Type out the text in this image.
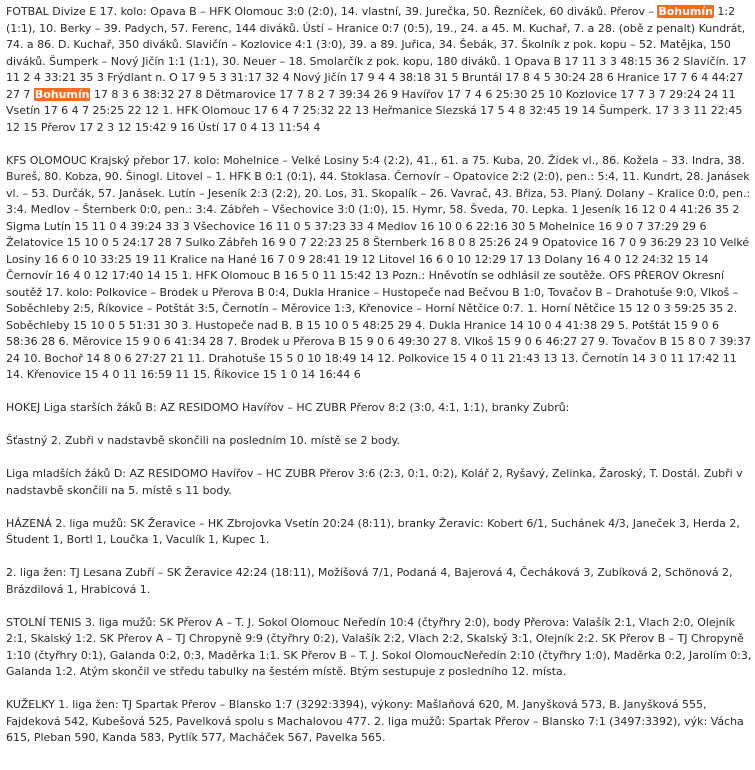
FOTBAL Divize E 17. kolo: Opava B – HFK Olomouc 3:0 (2:0), 14. vlastní, 39. Jurečka, 50. Řezníček, 60 diváků. Přerov – Bohumín 1:2 (1:1), 10. Berky – 39. Padych, 57. Ferenc, 144 diváků. Ústí – Hranice 0:7 (0:5), 19., 24. a 45. M. Kuchař, 7. a 28. (obě z penalt) Kundrát, 74. a 86. D. Kuchař, 350 diváků. Slavičín – Kozlovice 4:1 (3:0), 39. a 89. Juřica, 34. Šebák, 37. Školník z pok. kopu – 52. Matějka, 150 diváků. Šumperk – Nový Jičín 1:1 (1:1), 30. Neuer – 18. Smolarčík z pok. kopu, 180 diváků. 1 Opava B 17 11 3 3 48:15 36 2 Slavičín. 17 11 2 4 33:21 35 3 Frýdlant n. O 17 9 5 3 31:17 32 4 Nový Jičín 17 9 4 4 38:18 31 5 Bruntál 17 8 4 5 30:24 28 6 Hranice 17 7 6 4 44:27 27 7 Bohumín 17 8 3 6 38:32 27 8 Dětmarovice 17 7 8 2 7 39:34 26 9 Havířov 17 7 4 6 25:30 25 10 Kozlovice 17 7 3 7 29:24 24 11 Vsetín 17 6 4 7 25:25 22 12 1. HFK Olomouc 17 6 4 7 25:32 22 13 Heřmanice Slezská 17 5 4 8 32:45 19 14 Šumperk. 17 3 3 11 22:45 12 15 Přerov 17 2 3 12 15:42 9 16 Ústí 17 0 4 13 11:54 4

KFS OLOMOUC Krajský přebor 17. kolo: Mohelnice – Velké Losiny 5:4 (2:2), 41., 61. a 75. Kuba, 20. Žídek vl., 86. Koželа – 33. Indra, 38. Bureš, 80. Kobza, 90. Šinogl. Litovel – 1. HFK B 0:1 (0:1), 44. Stoklasa. Černovír – Opatovice 2:2 (2:0), pen.: 5:4, 11. Kundrt, 28. Janásek vl. – 53. Durčák, 57. Janásek. Lutín – Jeseník 2:3 (2:2), 20. Los, 31. Skopalík – 26. Vavrač, 43. Břiza, 53. Planý. Dolany – Kralice 0:0, pen.: 3:4. Medlov – Šternberk 0:0, pen.: 3:4. Zábřeh – Všechovice 3:0 (1:0), 15. Hymr, 58. Šveda, 70. Lepka. 1 Jeseník 16 12 0 4 41:26 35 2 Sigma Lutín 15 11 0 4 39:24 33 3 Všechovice 16 11 0 5 37:23 33 4 Medlov 16 10 0 6 22:16 30 5 Mohelnice 16 9 0 7 37:29 29 6 Želatovice 15 10 0 5 24:17 28 7 Sulko Zábřeh 16 9 0 7 22:23 25 8 Šternberk 16 8 0 8 25:26 24 9 Opatovice 16 7 0 9 36:29 23 10 Velké Losiny 16 6 0 10 33:25 19 11 Kralice na Hané 16 7 0 9 28:41 19 12 Litovel 16 6 0 10 12:29 17 13 Dolany 16 4 0 12 24:32 15 14 Černovír 16 4 0 12 17:40 14 15 1. HFK Olomouc B 16 5 0 11 15:42 13 Pozn.: Hněvotín se odhlásil ze soutěže. OFS PŘEROV Okresní soutěž 17. kolo: Polkovice – Brodek u Přerova B 0:4, Dukla Hranice – Hustopeče nad Bečvou B 1:0, Tovačov B – Drahotuše 9:0, Vlkoš – Soběchleby 2:5, Říkovice – Potštát 3:5, Černotín – Měrovice 1:3, Křenovice – Horní Nětčice 0:7. 1. Horní Nětčice 15 12 0 3 59:25 35 2. Soběchleby 15 10 0 5 51:31 30 3. Hustopeče nad B. B 15 10 0 5 48:25 29 4. Dukla Hranice 14 10 0 4 41:38 29 5. Potštát 15 9 0 6 58:36 28 6. Měrovice 15 9 0 6 41:34 28 7. Brodek u Přerova B 15 9 0 6 49:30 27 8. Vlkoš 15 9 0 6 46:27 27 9. Tovačov B 15 8 0 7 39:37 24 10. Bochoř 14 8 0 6 27:27 21 11. Drahotuše 15 5 0 10 18:49 14 12. Polkovice 15 4 0 11 21:43 13 13. Černotín 14 3 0 11 17:42 11 14. Křenovice 15 4 0 11 16:59 11 15. Říkovice 15 1 0 14 16:44 6

HOKEJ Liga starších žáků B: AZ RESIDOMO Havířov – HC ZUBR Přerov 8:2 (3:0, 4:1, 1:1), branky Zubrů:

Šťastný 2. Zubři v nadstavbě skončili na posledním 10. místě se 2 body.

Liga mladších žáků D: AZ RESIDOMO Havířov – HC ZUBR Přerov 3:6 (2:3, 0:1, 0:2), Kolář 2, Ryšavý, Zelinka, Žaroský, T. Dostál. Zubři v nadstavbě skončili na 5. místě s 11 body.

HÁZENÁ 2. liga mužů: SK Žeravice – HK Zbrojovka Vsetín 20:24 (8:11), branky Žeravic: Kobert 6/1, Suchánek 4/3, Janeček 3, Herda 2, Študent 1, Bortl 1, Loučka 1, Vaculík 1, Kupec 1.

2. liga žen: TJ Lesana Zubří – SK Žeravice 42:24 (18:11), Možíšová 7/1, Podaná 4, Bajerová 4, Čecháková 3, Zubíková 2, Schönová 2, Brázdilová 1, Hrabicová 1.

STOLNÍ TENIS 3. liga mužů: SK Přerov A – T. J. Sokol Olomouc Neředín 10:4 (čtyřhry 2:0), body Přerova: Valašík 2:1, Vlach 2:0, Olejník 2:1, Skalský 1:2. SK Přerov A – TJ Chropyně 9:9 (čtyřhry 0:2), Valašík 2:2, Vlach 2:2, Skalský 3:1, Olejník 2:2. SK Přerov B – TJ Chropyně 1:10 (čtyřhry 0:1), Galanda 0:2, 0:3, Maděrka 1:1. SK Přerov B – T. J. Sokol OlomoucNeředín 2:10 (čtyřhry 1:0), Maděrka 0:2, Jarolím 0:3, Galanda 1:2. Atým skončil ve středu tabulky na šestém místě. Btým sestupuje z posledního 12. místa.

KUŽELKY 1. liga žen: TJ Spartak Přerov – Blansko 1:7 (3292:3394), výkony: Mašlaňová 620, M. Janyšková 573, B. Janyšková 555, Fajdeková 542, Kubešová 525, Pavelková spolu s Machalovou 477. 2. liga mužů: Spartak Přerov – Blansko 7:1 (3497:3392), výk: Vácha 615, Pleban 590, Kanda 583, Pytlík 577, Macháček 567, Pavelka 565.
